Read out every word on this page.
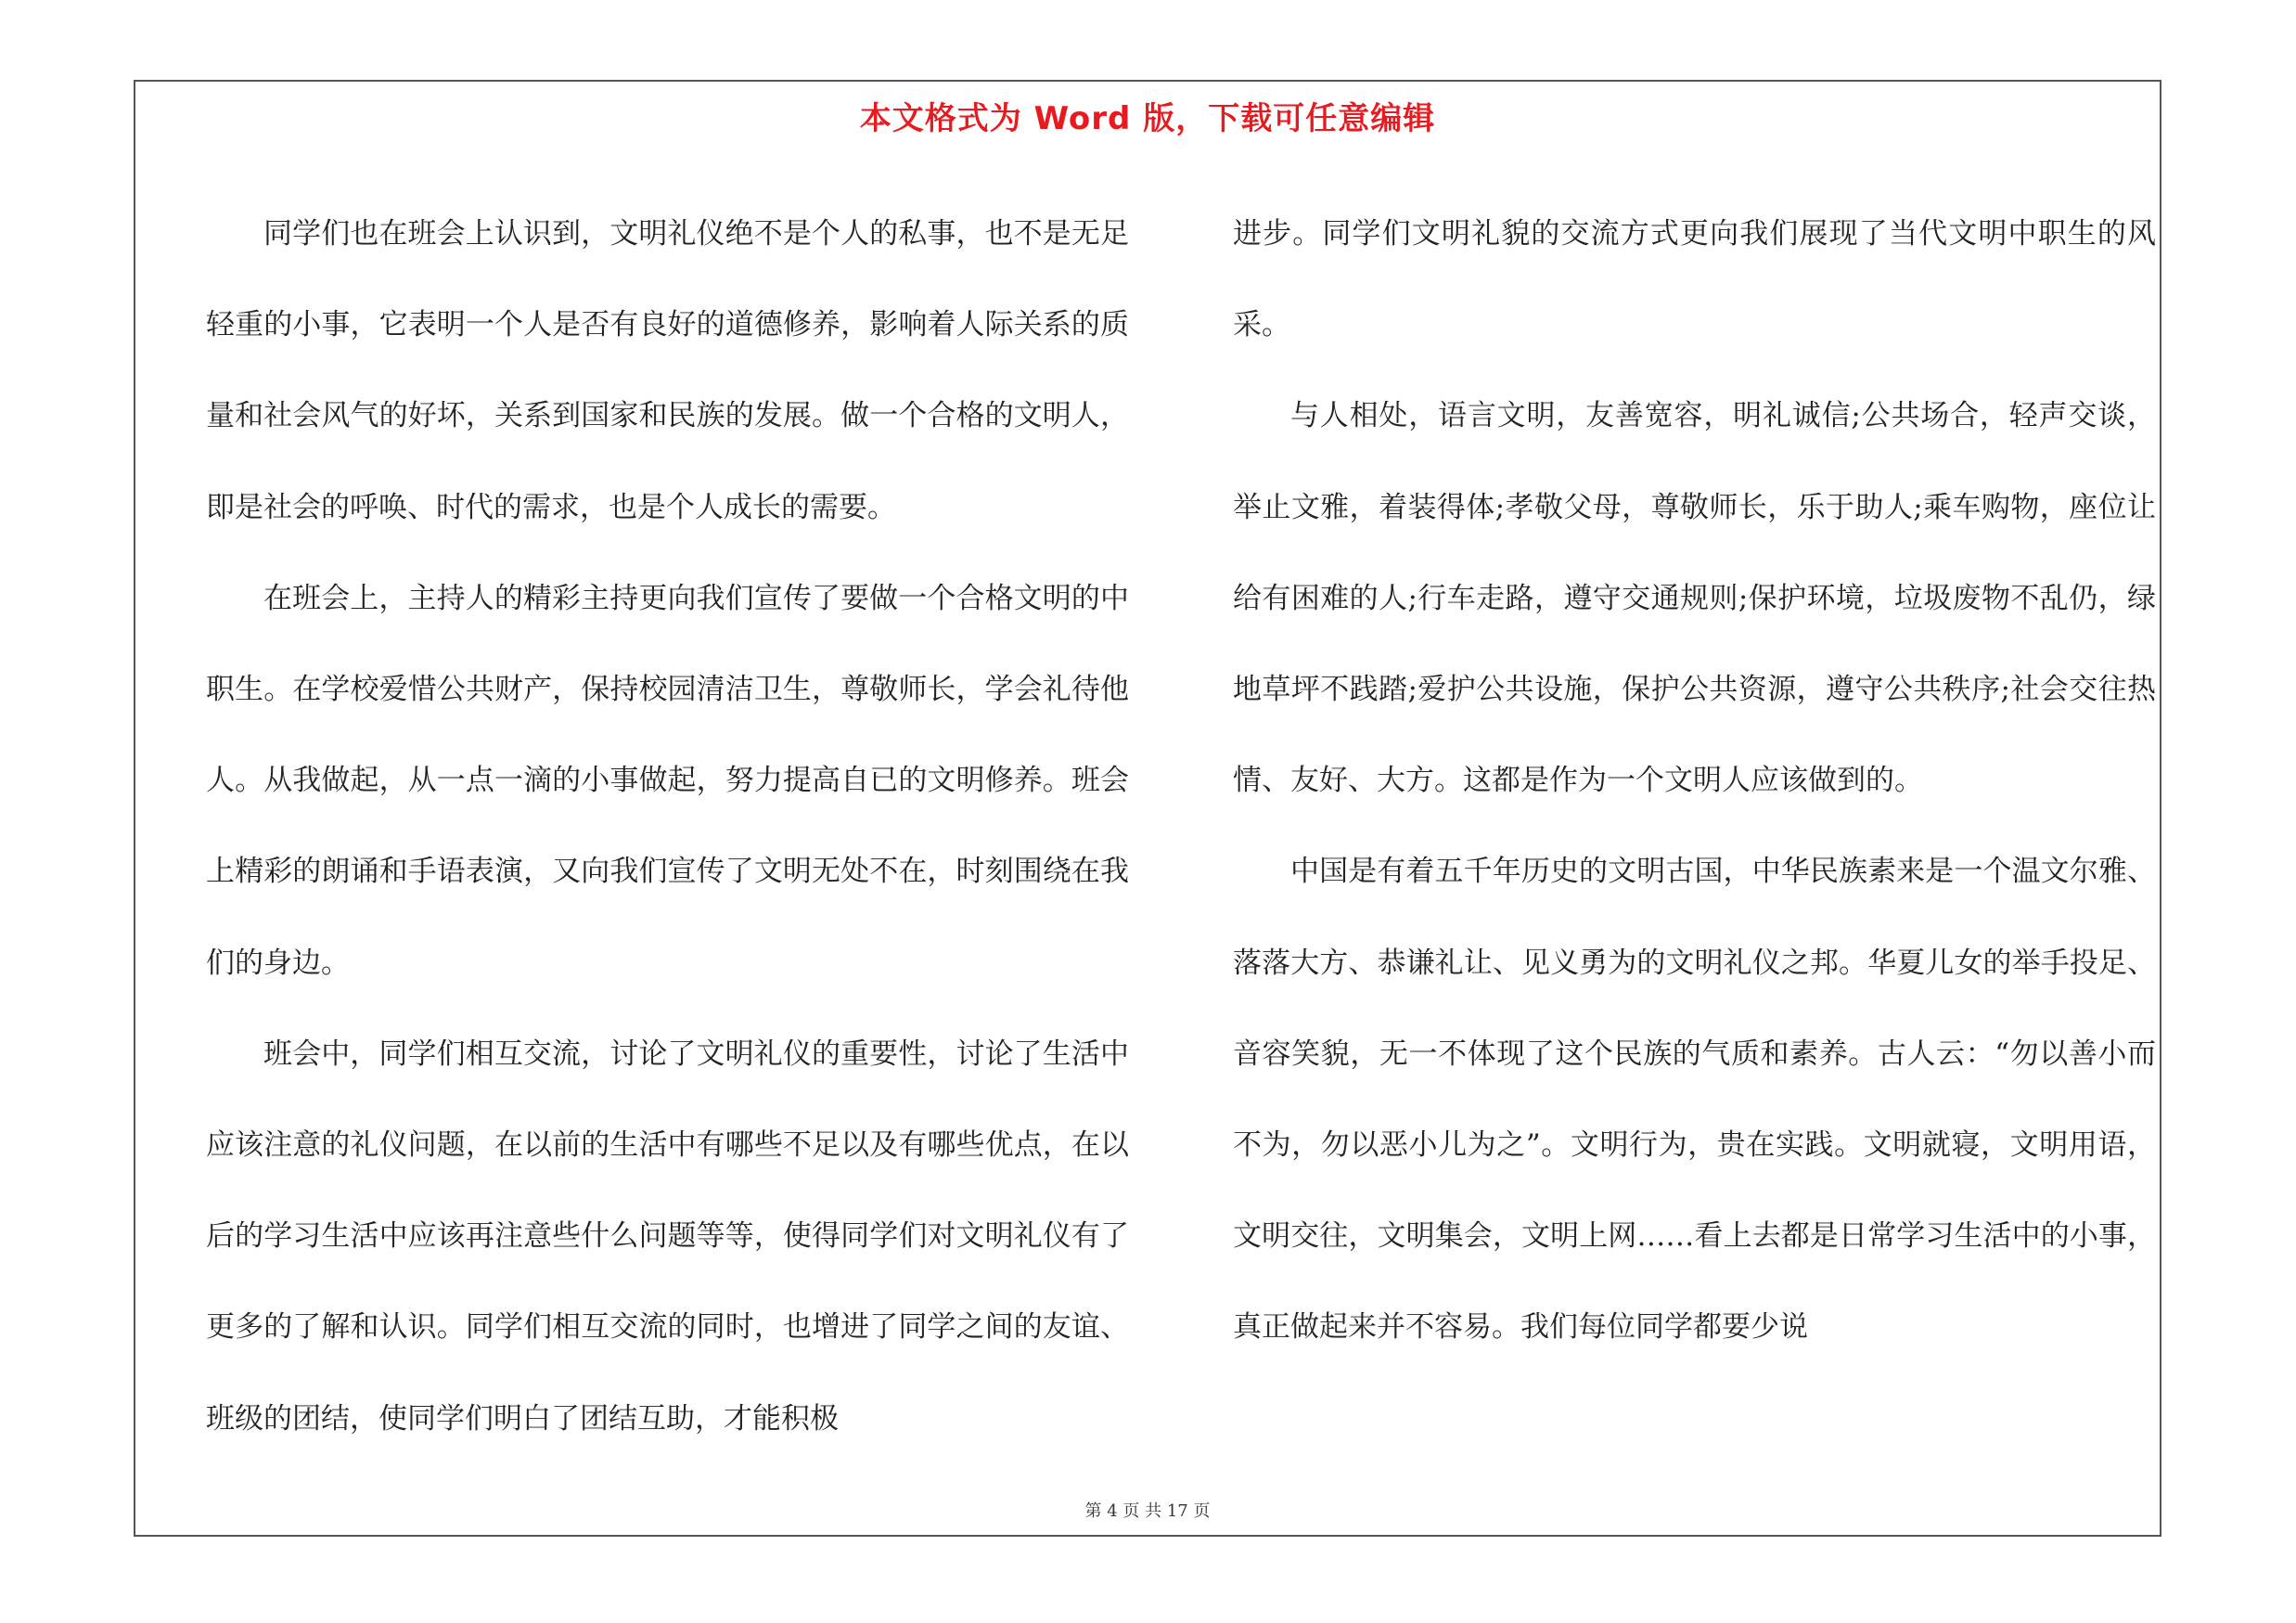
本文格式为 Word 版，下载可任意编辑

同学们也在班会上认识到，文明礼仪绝不是个人的私事，也不是无足轻重的小事，它表明一个人是否有良好的道德修养，影响着人际关系的质量和社会风气的好坏，关系到国家和民族的发展。做一个合格的文明人，即是社会的呼唤、时代的需求，也是个人成长的需要。

在班会上，主持人的精彩主持更向我们宣传了要做一个合格文明的中职生。在学校爱惜公共财产，保持校园清洁卫生，尊敬师长，学会礼待他人。从我做起，从一点一滴的小事做起，努力提高自已的文明修养。班会上精彩的朗诵和手语表演，又向我们宣传了文明无处不在，时刻围绕在我们的身边。

班会中，同学们相互交流，讨论了文明礼仪的重要性，讨论了生活中应该注意的礼仪问题，在以前的生活中有哪些不足以及有哪些优点，在以后的学习生活中应该再注意些什么问题等等，使得同学们对文明礼仪有了更多的了解和认识。同学们相互交流的同时，也增进了同学之间的友谊、班级的团结，使同学们明白了团结互助，才能积极

进步。同学们文明礼貌的交流方式更向我们展现了当代文明中职生的风采。

与人相处，语言文明，友善宽容，明礼诚信;公共场合，轻声交谈，举止文雅，着装得体;孝敬父母，尊敬师长，乐于助人;乘车购物，座位让给有困难的人;行车走路，遵守交通规则;保护环境，垃圾废物不乱仍，绿地草坪不践踏;爱护公共设施，保护公共资源，遵守公共秩序;社会交往热情、友好、大方。这都是作为一个文明人应该做到的。

中国是有着五千年历史的文明古国，中华民族素来是一个温文尔雅、落落大方、恭谦礼让、见义勇为的文明礼仪之邦。华夏儿女的举手投足、音容笑貌，无一不体现了这个民族的气质和素养。古人云：“勿以善小而不为，勿以恶小儿为之”。文明行为，贵在实践。文明就寝，文明用语，文明交往，文明集会，文明上网……看上去都是日常学习生活中的小事，真正做起来并不容易。我们每位同学都要少说

第 4 页 共 17 页
